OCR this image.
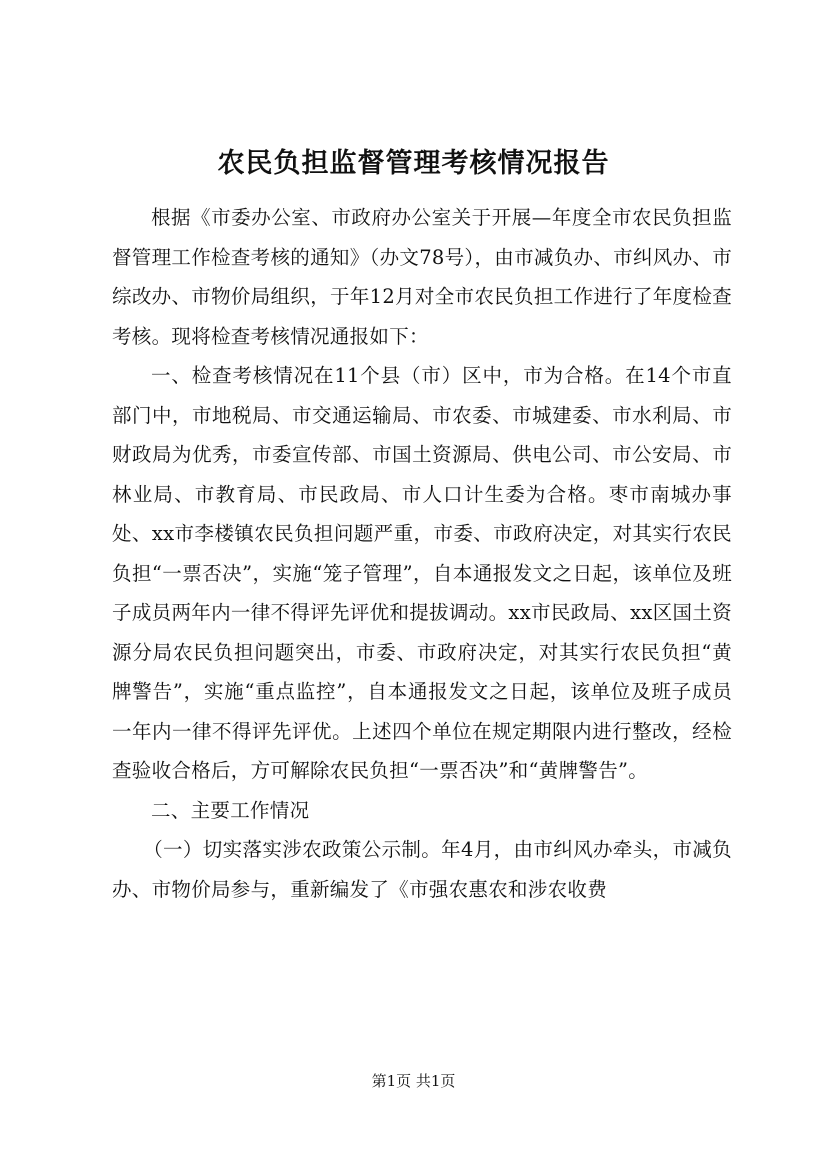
农民负担监督管理考核情况报告

根据《市委办公室、市政府办公室关于开展—年度全市农民负担监督管理工作检查考核的通知》（办文78号），由市减负办、市纠风办、市综改办、市物价局组织，于年12月对全市农民负担工作进行了年度检查考核。现将检查考核情况通报如下：

一、检查考核情况在11个县（市）区中，市为合格。在14个市直部门中，市地税局、市交通运输局、市农委、市城建委、市水利局、市财政局为优秀，市委宣传部、市国土资源局、供电公司、市公安局、市林业局、市教育局、市民政局、市人口计生委为合格。枣市南城办事处、xx市李楼镇农民负担问题严重，市委、市政府决定，对其实行农民负担“一票否决”，实施“笼子管理”，自本通报发文之日起，该单位及班子成员两年内一律不得评先评优和提拔调动。xx市民政局、xx区国土资源分局农民负担问题突出，市委、市政府决定，对其实行农民负担“黄牌警告”，实施“重点监控”，自本通报发文之日起，该单位及班子成员一年内一律不得评先评优。上述四个单位在规定期限内进行整改，经检查验收合格后，方可解除农民负担“一票否决”和“黄牌警告”。

二、主要工作情况

（一）切实落实涉农政策公示制。年4月，由市纠风办牵头，市减负办、市物价局参与，重新编发了《市强农惠农和涉农收费

第1页 共1页
